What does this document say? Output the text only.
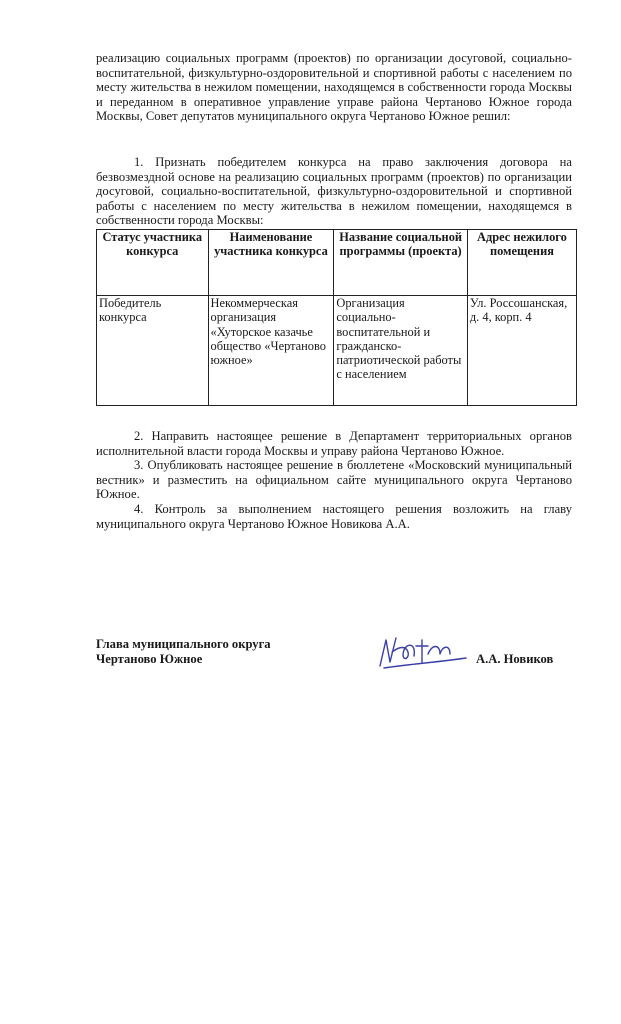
реализацию социальных программ (проектов) по организации досуговой, социально-воспитательной, физкультурно-оздоровительной и спортивной работы с населением по месту жительства в нежилом помещении, находящемся в собственности города Москвы и переданном в оперативное управление управе района Чертаново Южное города Москвы, Совет депутатов муниципального округа Чертаново Южное решил:

1. Признать победителем конкурса на право заключения договора на безвозмездной основе на реализацию социальных программ (проектов) по организации досуговой, социально-воспитательной, физкультурно-оздоровительной и спортивной работы с населением по месту жительства в нежилом помещении, находящемся в собственности города Москвы:

Статус участника конкурса	Наименование участника конкурса	Название социальной программы (проекта)	Адрес нежилого помещения
Победитель конкурса	Некоммерческая организация «Хуторское казачье общество «Чертаново южное»	Организация социально-воспитательной и гражданско-патриотической работы с населением	Ул. Россошанская, д. 4, корп. 4

2. Направить настоящее решение в Департамент территориальных органов исполнительной власти города Москвы и управу района Чертаново Южное.

3. Опубликовать настоящее решение в бюллетене «Московский муниципальный вестник» и разместить на официальном сайте муниципального округа Чертаново Южное.

4. Контроль за выполнением настоящего решения возложить на главу муниципального округа Чертаново Южное Новикова А.А.

Глава муниципального округа
Чертаново Южное	А.А. Новиков
